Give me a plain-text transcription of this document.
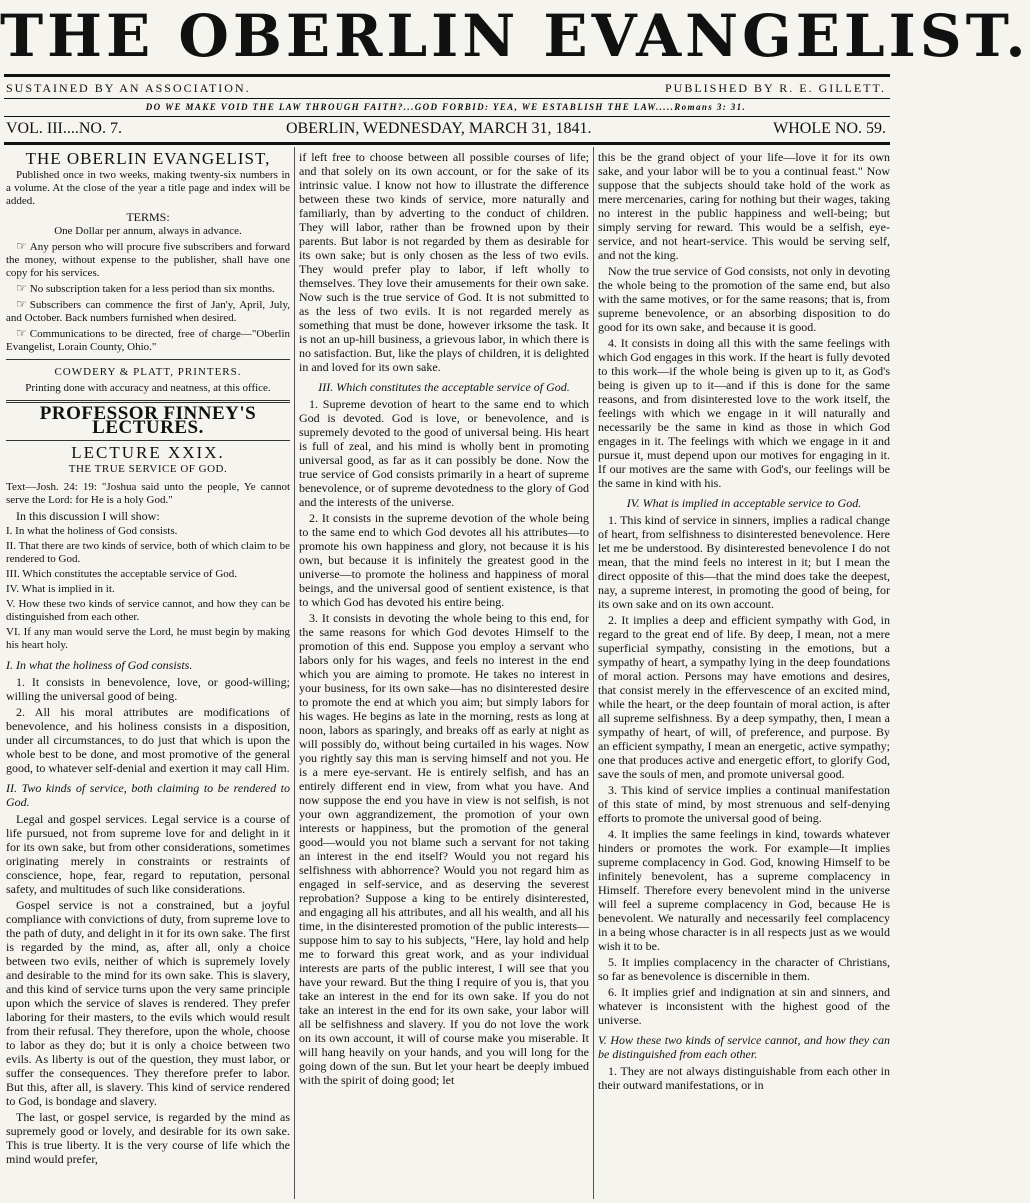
THE OBERLIN EVANGELIST.
SUSTAINED BY AN ASSOCIATION.	PUBLISHED BY R. E. GILLETT.
DO WE MAKE VOID THE LAW THROUGH FAITH?...GOD FORBID: YEA, WE ESTABLISH THE LAW.....Romans 3: 31.
VOL. III....NO. 7.	OBERLIN, WEDNESDAY, MARCH 31, 1841.	WHOLE NO. 59.
THE OBERLIN EVANGELIST,

Published once in two weeks, making twenty-six numbers in a volume. At the close of the year a title page and index will be added.

TERMS:

One Dollar per annum, always in advance.

☞ Any person who will procure five subscribers and forward the money, without expense to the publisher, shall have one copy for his services.

☞ No subscription taken for a less period than six months.

☞ Subscribers can commence the first of Jan'y, April, July, and October. Back numbers furnished when desired.

☞ Communications to be directed, free of charge—"Oberlin Evangelist, Lorain County, Ohio."

COWDERY & PLATT, PRINTERS.
Printing done with accuracy and neatness, at this office.
PROFESSOR FINNEY'S LECTURES.
LECTURE XXIX.
THE TRUE SERVICE OF GOD.

Text—Josh. 24: 19: "Joshua said unto the people, Ye cannot serve the Lord: for He is a holy God."

In this discussion I will show:

I. In what the holiness of God consists.

II. That there are two kinds of service, both of which claim to be rendered to God.

III. Which constitutes the acceptable service of God.

IV. What is implied in it.

V. How these two kinds of service cannot, and how they can be distinguished from each other.

VI. If any man would serve the Lord, he must begin by making his heart holy.

I. In what the holiness of God consists.

1. It consists in benevolence, love, or good-willing; willing the universal good of being.

2. All his moral attributes are modifications of benevolence, and his holiness consists in a disposition, under all circumstances, to do just that which is upon the whole best to be done, and most promotive of the general good, to whatever self-denial and exertion it may call Him.

II. Two kinds of service, both claiming to be rendered to God.

Legal and gospel services. Legal service is a course of life pursued, not from supreme love for and delight in it for its own sake, but from other considerations, sometimes originating merely in constraints or restraints of conscience, hope, fear, regard to reputation, personal safety, and multitudes of such like considerations.

Gospel service is not a constrained, but a joyful compliance with convictions of duty, from supreme love to the path of duty, and delight in it for its own sake. The first is regarded by the mind, as, after all, only a choice between two evils, neither of which is supremely lovely and desirable to the mind for its own sake. This is slavery, and this kind of service turns upon the very same principle upon which the service of slaves is rendered. They prefer laboring for their masters, to the evils which would result from their refusal. They therefore, upon the whole, choose to labor as they do; but it is only a choice between two evils. As liberty is out of the question, they must labor, or suffer the consequences. They therefore prefer to labor. But this, after all, is slavery. This kind of service rendered to God, is bondage and slavery.

The last, or gospel service, is regarded by the mind as supremely good or lovely, and desirable for its own sake. This is true liberty. It is the very course of life which the mind would prefer,

if left free to choose between all possible courses of life; and that solely on its own account, or for the sake of its intrinsic value. I know not how to illustrate the difference between these two kinds of service, more naturally and familiarly, than by adverting to the conduct of children. They will labor, rather than be frowned upon by their parents. But labor is not regarded by them as desirable for its own sake; but is only chosen as the less of two evils. They would prefer play to labor, if left wholly to themselves. They love their amusements for their own sake. Now such is the true service of God. It is not submitted to as the less of two evils. It is not regarded merely as something that must be done, however irksome the task. It is not an up-hill business, a grievous labor, in which there is no satisfaction. But, like the plays of children, it is delighted in and loved for its own sake.

III. Which constitutes the acceptable service of God.

1. Supreme devotion of heart to the same end to which God is devoted. God is love, or benevolence, and is supremely devoted to the good of universal being. His heart is full of zeal, and his mind is wholly bent in promoting universal good, as far as it can possibly be done. Now the true service of God consists primarily in a heart of supreme benevolence, or of supreme devotedness to the glory of God and the interests of the universe.

2. It consists in the supreme devotion of the whole being to the same end to which God devotes all his attributes—to promote his own happiness and glory, not because it is his own, but because it is infinitely the greatest good in the universe—to promote the holiness and happiness of moral beings, and the universal good of sentient existence, is that to which God has devoted his entire being.

3. It consists in devoting the whole being to this end, for the same reasons for which God devotes Himself to the promotion of this end. Suppose you employ a servant who labors only for his wages, and feels no interest in the end which you are aiming to promote. He takes no interest in your business, for its own sake—has no disinterested desire to promote the end at which you aim; but simply labors for his wages. He begins as late in the morning, rests as long at noon, labors as sparingly, and breaks off as early at night as will possibly do, without being curtailed in his wages. Now you rightly say this man is serving himself and not you. He is a mere eye-servant. He is entirely selfish, and has an entirely different end in view, from what you have. And now suppose the end you have in view is not selfish, is not your own aggrandizement, the promotion of your own interests or happiness, but the promotion of the general good—would you not blame such a servant for not taking an interest in the end itself? Would you not regard his selfishness with abhorrence? Would you not regard him as engaged in self-service, and as deserving the severest reprobation? Suppose a king to be entirely disinterested, and engaging all his attributes, and all his wealth, and all his time, in the disinterested promotion of the public interests—suppose him to say to his subjects, "Here, lay hold and help me to forward this great work, and as your individual interests are parts of the public interest, I will see that you have your reward. But the thing I require of you is, that you take an interest in the end for its own sake. If you do not take an interest in the end for its own sake, your labor will all be selfishness and slavery. If you do not love the work on its own account, it will of course make you miserable. It will hang heavily on your hands, and you will long for the going down of the sun. But let your heart be deeply imbued with the spirit of doing good; let

this be the grand object of your life—love it for its own sake, and your labor will be to you a continual feast." Now suppose that the subjects should take hold of the work as mere mercenaries, caring for nothing but their wages, taking no interest in the public happiness and well-being; but simply serving for reward. This would be a selfish, eye-service, and not heart-service. This would be serving self, and not the king.

Now the true service of God consists, not only in devoting the whole being to the promotion of the same end, but also with the same motives, or for the same reasons; that is, from supreme benevolence, or an absorbing disposition to do good for its own sake, and because it is good.

4. It consists in doing all this with the same feelings with which God engages in this work. If the heart is fully devoted to this work—if the whole being is given up to it, as God's being is given up to it—and if this is done for the same reasons, and from disinterested love to the work itself, the feelings with which we engage in it will naturally and necessarily be the same in kind as those in which God engages in it. The feelings with which we engage in it and pursue it, must depend upon our motives for engaging in it. If our motives are the same with God's, our feelings will be the same in kind with his.

IV. What is implied in acceptable service to God.

1. This kind of service in sinners, implies a radical change of heart, from selfishness to disinterested benevolence. Here let me be understood. By disinterested benevolence I do not mean, that the mind feels no interest in it; but I mean the direct opposite of this—that the mind does take the deepest, nay, a supreme interest, in promoting the good of being, for its own sake and on its own account.

2. It implies a deep and efficient sympathy with God, in regard to the great end of life. By deep, I mean, not a mere superficial sympathy, consisting in the emotions, but a sympathy of heart, a sympathy lying in the deep foundations of moral action. Persons may have emotions and desires, that consist merely in the effervescence of an excited mind, while the heart, or the deep fountain of moral action, is after all supreme selfishness. By a deep sympathy, then, I mean a sympathy of heart, of will, of preference, and purpose. By an efficient sympathy, I mean an energetic, active sympathy; one that produces active and energetic effort, to glorify God, save the souls of men, and promote universal good.

3. This kind of service implies a continual manifestation of this state of mind, by most strenuous and self-denying efforts to promote the universal good of being.

4. It implies the same feelings in kind, towards whatever hinders or promotes the work. For example—It implies supreme complacency in God. God, knowing Himself to be infinitely benevolent, has a supreme complacency in Himself. Therefore every benevolent mind in the universe will feel a supreme complacency in God, because He is benevolent. We naturally and necessarily feel complacency in a being whose character is in all respects just as we would wish it to be.

5. It implies complacency in the character of Christians, so far as benevolence is discernible in them.

6. It implies grief and indignation at sin and sinners, and whatever is inconsistent with the highest good of the universe.

V. How these two kinds of service cannot, and how they can be distinguished from each other.

1. They are not always distinguishable from each other in their outward manifestations, or in
